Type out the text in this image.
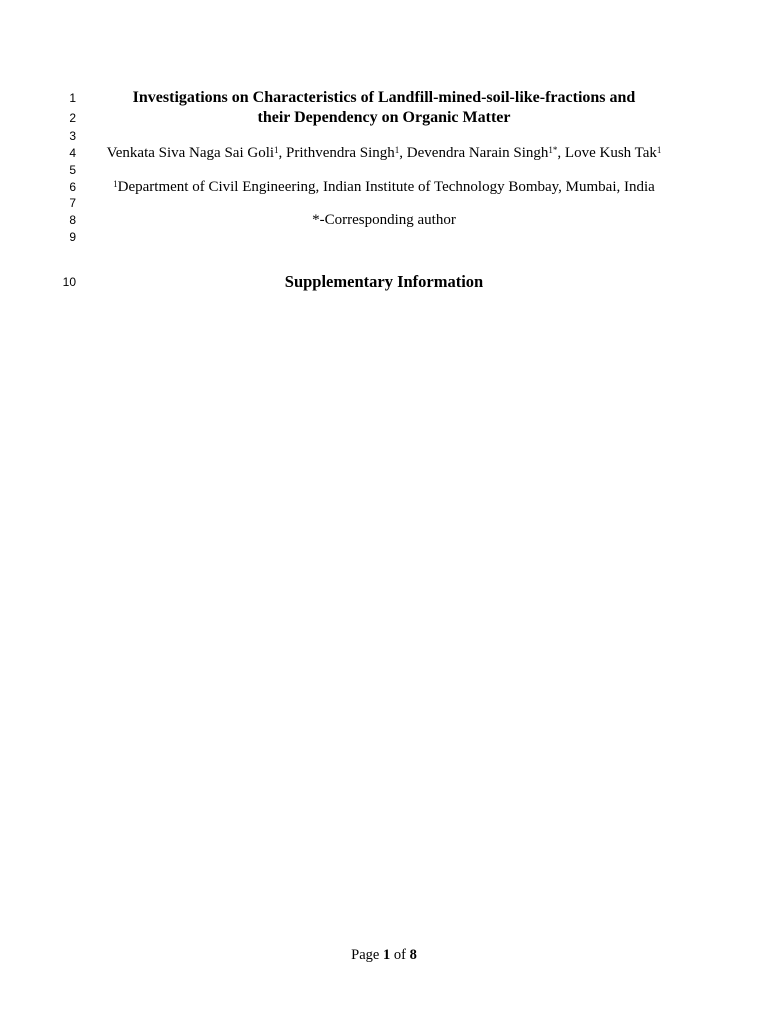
1	Investigations on Characteristics of Landfill-mined-soil-like-fractions and
2	their Dependency on Organic Matter
3
4	Venkata Siva Naga Sai Goli$^1$, Prithvendra Singh$^1$, Devendra Narain Singh$^{1*}$, Love Kush Tak$^1$
5
6	$^1$Department of Civil Engineering, Indian Institute of Technology Bombay, Mumbai, India
7
8	*-Corresponding author
9
10	Supplementary Information
Page 1 of 8
